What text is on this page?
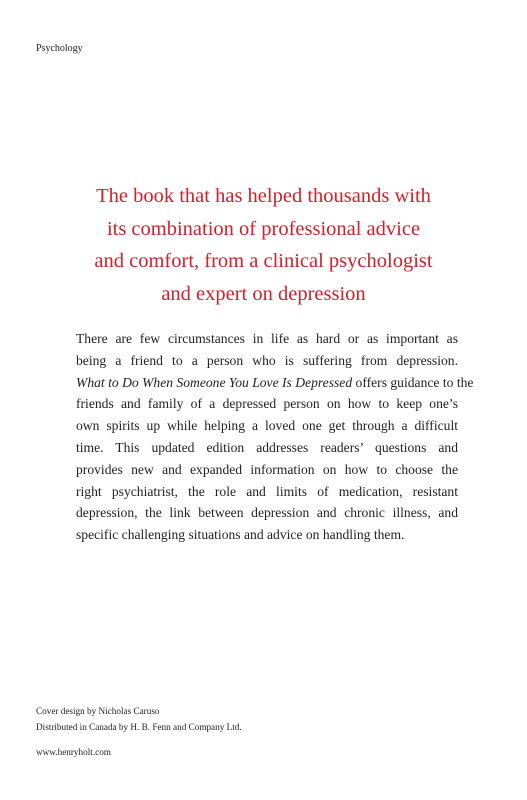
Psychology
The book that has helped thousands with
its combination of professional advice
and comfort, from a clinical psychologist
and expert on depression
There are few circumstances in life as hard or as important as
being a friend to a person who is suffering from depression.
What to Do When Someone You Love Is Depressed offers guidance to the
friends and family of a depressed person on how to keep one’s
own spirits up while helping a loved one get through a difficult
time. This updated edition addresses readers’ questions and
provides new and expanded information on how to choose the
right psychiatrist, the role and limits of medication, resistant
depression, the link between depression and chronic illness, and
specific challenging situations and advice on handling them.
Cover design by Nicholas Caruso
Distributed in Canada by H. B. Fenn and Company Ltd.
www.henryholt.com
